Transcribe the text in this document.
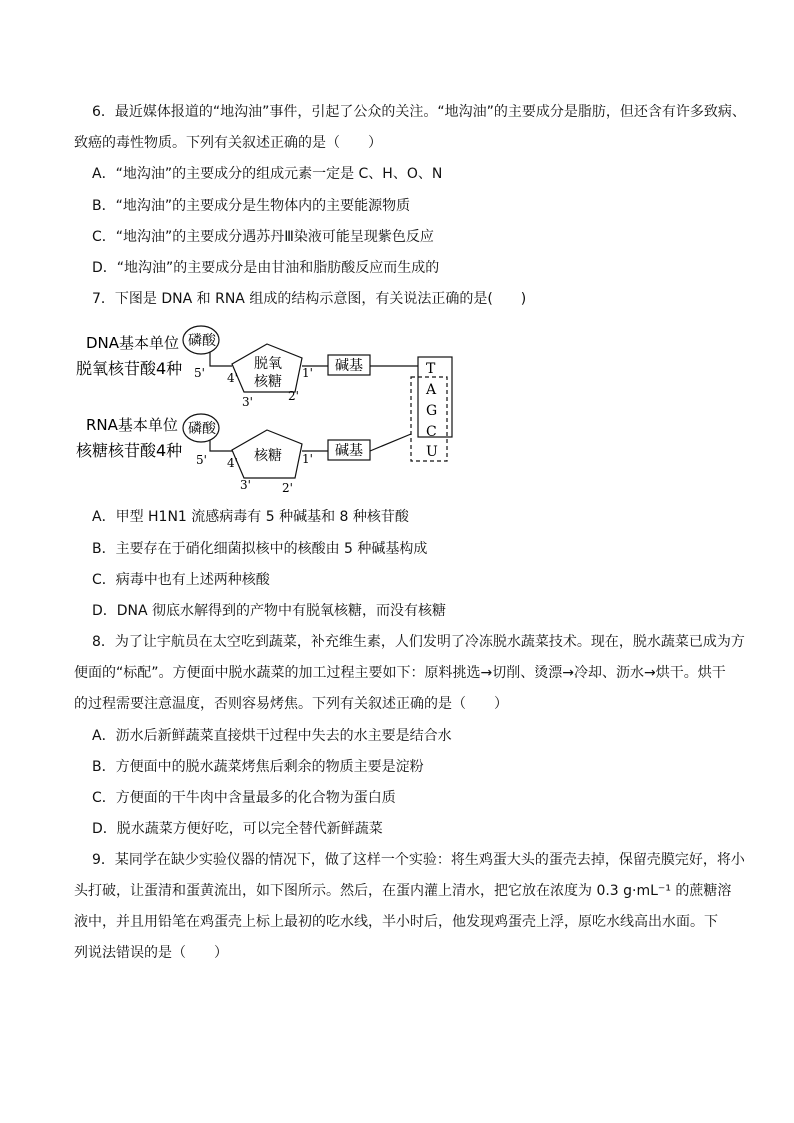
6．最近媒体报道的“地沟油”事件，引起了公众的关注。“地沟油”的主要成分是脂肪，但还含有许多致病、
致癌的毒性物质。下列有关叙述正确的是（　　）
A．“地沟油”的主要成分的组成元素一定是 C、H、O、N
B．“地沟油”的主要成分是生物体内的主要能源物质
C．“地沟油”的主要成分遇苏丹Ⅲ染液可能呈现紫色反应
D．“地沟油”的主要成分是由甘油和脂肪酸反应而生成的
7．下图是 DNA 和 RNA 组成的结构示意图，有关说法正确的是(　　)
DNA基本单位
脱氧核苷酸4种
磷酸
5'
脱氧
核糖
4'	1'
3'	2'
碱基	T
A
G
C
U
RNA基本单位
核糖核苷酸4种
磷酸
5'	核糖
4'	1'
3'	2'
碱基
A．甲型 H1N1 流感病毒有 5 种碱基和 8 种核苷酸
B．主要存在于硝化细菌拟核中的核酸由 5 种碱基构成
C．病毒中也有上述两种核酸
D．DNA 彻底水解得到的产物中有脱氧核糖，而没有核糖
8．为了让宇航员在太空吃到蔬菜，补充维生素，人们发明了冷冻脱水蔬菜技术。现在，脱水蔬菜已成为方
便面的“标配”。方便面中脱水蔬菜的加工过程主要如下：原料挑选→切削、烫漂→冷却、沥水→烘干。烘干
的过程需要注意温度，否则容易烤焦。下列有关叙述正确的是（　　）
A．沥水后新鲜蔬菜直接烘干过程中失去的水主要是结合水
B．方便面中的脱水蔬菜烤焦后剩余的物质主要是淀粉
C．方便面的干牛肉中含量最多的化合物为蛋白质
D．脱水蔬菜方便好吃，可以完全替代新鲜蔬菜
9．某同学在缺少实验仪器的情况下，做了这样一个实验：将生鸡蛋大头的蛋壳去掉，保留壳膜完好，将小
头打破，让蛋清和蛋黄流出，如下图所示。然后，在蛋内灌上清水，把它放在浓度为 0.3 g·mL⁻¹ 的蔗糖溶
液中，并且用铅笔在鸡蛋壳上标上最初的吃水线，半小时后，他发现鸡蛋壳上浮，原吃水线高出水面。下
列说法错误的是（　　）
